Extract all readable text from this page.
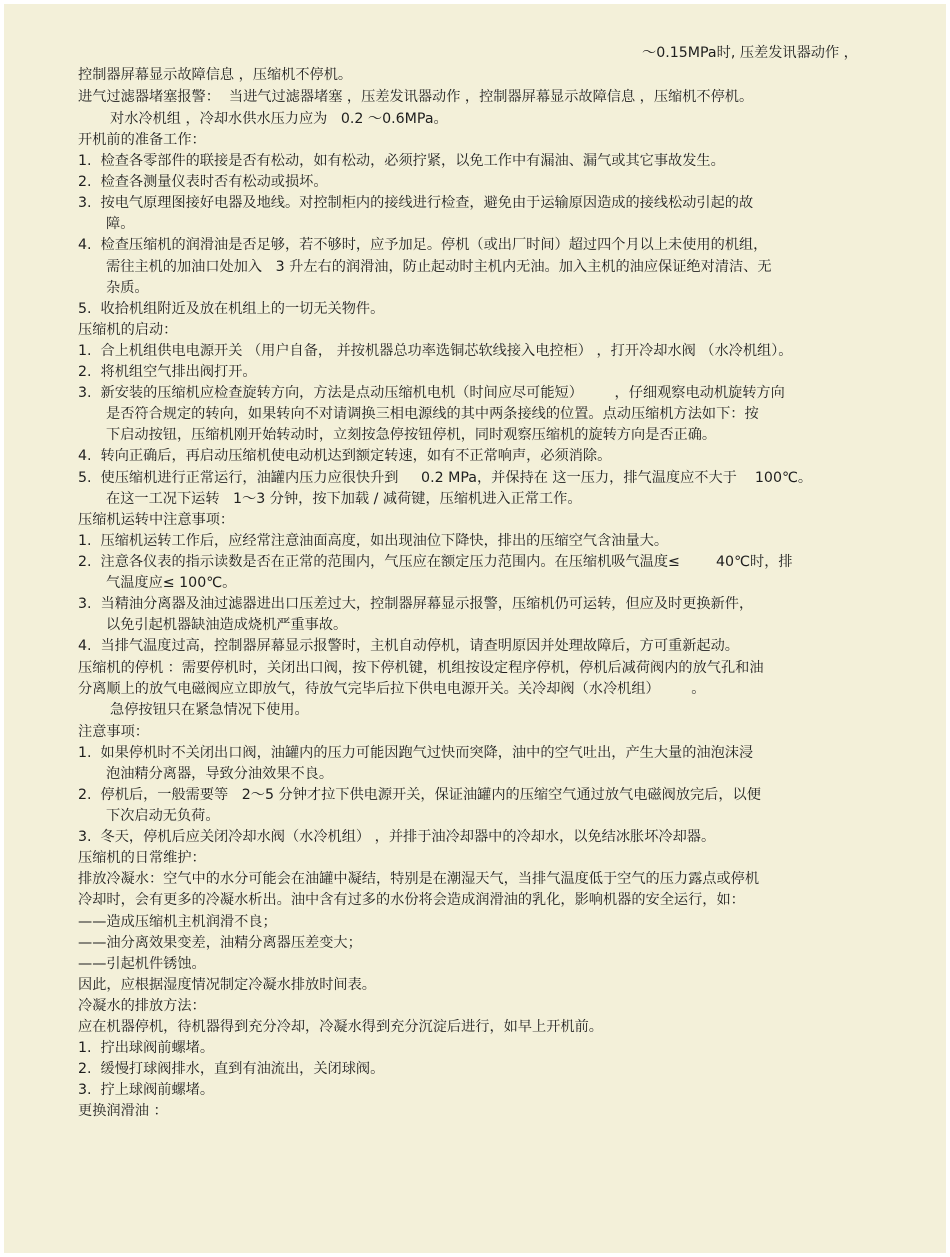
～0.15MPa时, 压差发讯器动作 ，
控制器屏幕显示故障信息 ，压缩机不停机。
进气过滤器堵塞报警：  当进气过滤器堵塞 ，压差发讯器动作 ，控制器屏幕显示故障信息 ，压缩机不停机。
对水冷机组 ，冷却水供水压力应为   0.2 ～0.6MPa。
开机前的准备工作：
1.  检查各零部件的联接是否有松动，如有松动，必须拧紧，以免工作中有漏油、漏气或其它事故发生。
2.  检查各测量仪表时否有松动或损坏。
3.  按电气原理图接好电器及地线。对控制柜内的接线进行检查，避免由于运输原因造成的接线松动引起的故
障。
4.  检查压缩机的润滑油是否足够，若不够时，应予加足。停机（或出厂时间）超过四个月以上未使用的机组，
需往主机的加油口处加入   3 升左右的润滑油，防止起动时主机内无油。加入主机的油应保证绝对清洁、无
杂质。
5.  收拾机组附近及放在机组上的一切无关物件。
压缩机的启动：
1.  合上机组供电电源开关 （用户自备， 并按机器总功率选铜芯软线接入电控柜） ，打开冷却水阀 （水冷机组）。
2.  将机组空气排出阀打开。
3.  新安装的压缩机应检查旋转方向，方法是点动压缩机电机（时间应尽可能短）       ，仔细观察电动机旋转方向
是否符合规定的转向，如果转向不对请调换三相电源线的其中两条接线的位置。点动压缩机方法如下：按
下启动按钮，压缩机刚开始转动时，立刻按急停按钮停机，同时观察压缩机的旋转方向是否正确。
4.  转向正确后，再启动压缩机使电动机达到额定转速，如有不正常响声，必须消除。
5.  使压缩机进行正常运行，油罐内压力应很快升到     0.2 MPa，并保持在 这一压力，排气温度应不大于    100℃。
在这一工况下运转   1～3 分钟，按下加载 / 减荷键，压缩机进入正常工作。
压缩机运转中注意事项：
1.  压缩机运转工作后，应经常注意油面高度，如出现油位下降快，排出的压缩空气含油量大。
2.  注意各仪表的指示读数是否在正常的范围内，气压应在额定压力范围内。在压缩机吸气温度≤        40℃时，排
气温度应≤ 100℃。
3.  当精油分离器及油过滤器进出口压差过大，控制器屏幕显示报警，压缩机仍可运转，但应及时更换新件，
以免引起机器缺油造成烧机严重事故。
4.  当排气温度过高，控制器屏幕显示报警时，主机自动停机，请查明原因并处理故障后，方可重新起动。
压缩机的停机 ：需要停机时，关闭出口阀，按下停机键，机组按设定程序停机，停机后减荷阀内的放气孔和油
分离顺上的放气电磁阀应立即放气，待放气完毕后拉下供电电源开关。关冷却阀（水冷机组）       。
急停按钮只在紧急情况下使用。
注意事项：
1.  如果停机时不关闭出口阀，油罐内的压力可能因跑气过快而突降，油中的空气吐出，产生大量的油泡沫浸
泡油精分离器，导致分油效果不良。
2.  停机后，一般需要等   2～5 分钟才拉下供电源开关，保证油罐内的压缩空气通过放气电磁阀放完后，以便
下次启动无负荷。
3.  冬天，停机后应关闭冷却水阀（水冷机组） ，并排于油冷却器中的冷却水，以免结冰胀坏冷却器。
压缩机的日常维护：
排放冷凝水：空气中的水分可能会在油罐中凝结，特别是在潮湿天气，当排气温度低于空气的压力露点或停机
冷却时，会有更多的冷凝水析出。油中含有过多的水份将会造成润滑油的乳化，影响机器的安全运行，如：
——造成压缩机主机润滑不良；
——油分离效果变差，油精分离器压差变大；
——引起机件锈蚀。
因此，应根据湿度情况制定冷凝水排放时间表。
冷凝水的排放方法：
应在机器停机，待机器得到充分冷却，冷凝水得到充分沉淀后进行，如早上开机前。
1.  拧出球阀前螺堵。
2.  缓慢打球阀排水，直到有油流出，关闭球阀。
3.  拧上球阀前螺堵。
更换润滑油 ：
